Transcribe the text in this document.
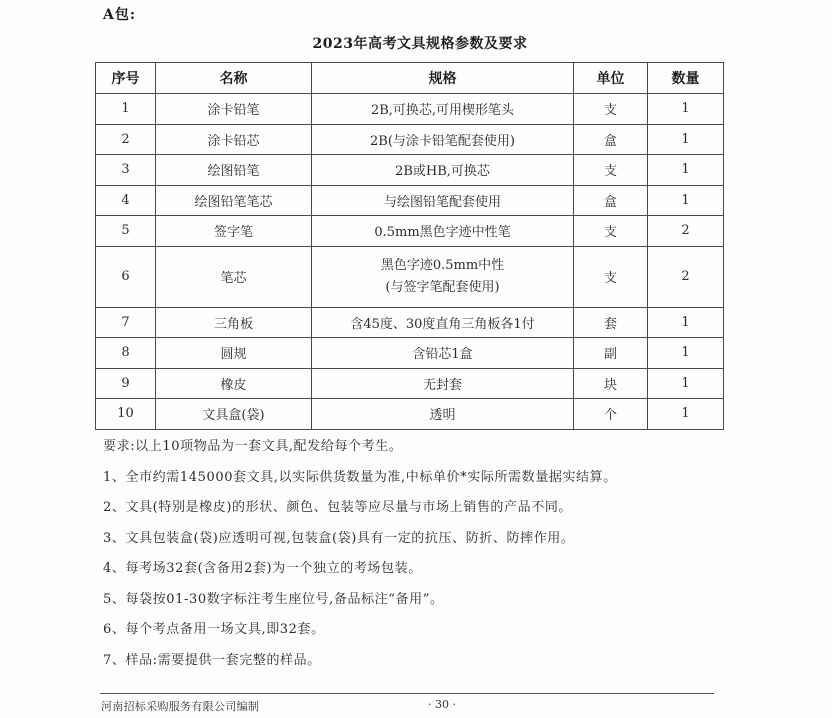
A包:
2023年高考文具规格参数及要求
序号	名称	规格	单位	数量
1	涂卡铅笔	2B,可换芯,可用楔形笔头	支	1
2	涂卡铅芯	2B(与涂卡铅笔配套使用)	盒	1
3	绘图铅笔	2B或HB,可换芯	支	1
4	绘图铅笔笔芯	与绘图铅笔配套使用	盒	1
5	签字笔	0.5mm黑色字迹中性笔	支	2
6	笔芯	黑色字迹0.5mm中性
(与签字笔配套使用)	支	2
7	三角板	含45度、30度直角三角板各1付	套	1
8	圆规	含铅芯1盒	副	1
9	橡皮	无封套	块	1
10	文具盒(袋)	透明	个	1
要求:以上10项物品为一套文具,配发给每个考生。
1、全市约需145000套文具,以实际供货数量为准,中标单价*实际所需数量据实结算。
2、文具(特别是橡皮)的形状、颜色、包装等应尽量与市场上销售的产品不同。
3、文具包装盒(袋)应透明可视,包装盒(袋)具有一定的抗压、防折、防摔作用。
4、每考场32套(含备用2套)为一个独立的考场包装。
5、每袋按01-30数字标注考生座位号,备品标注“备用”。
6、每个考点备用一场文具,即32套。
7、样品:需要提供一套完整的样品。
河南招标采购服务有限公司编制	· 30 ·
